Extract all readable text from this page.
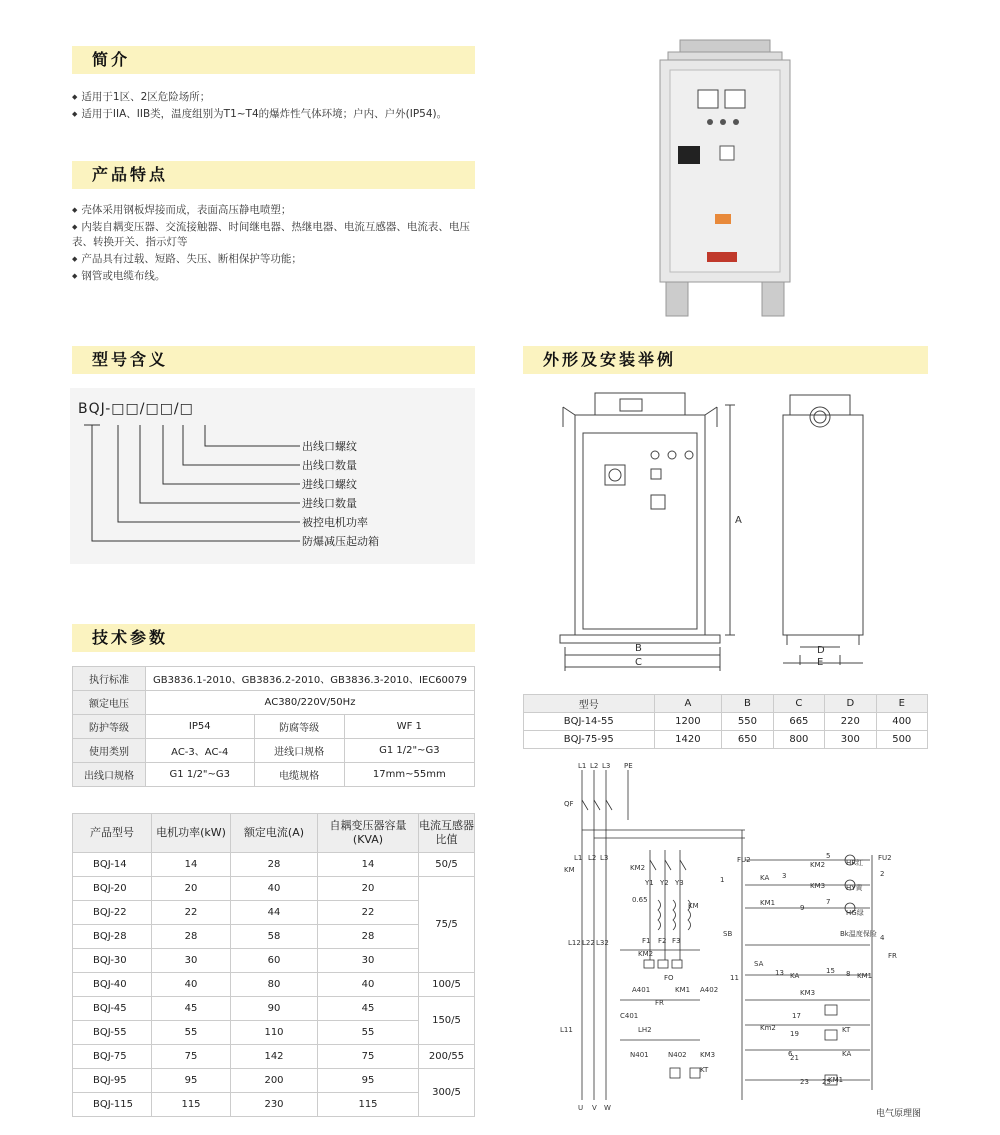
简介

◆ 适用于1区、2区危险场所；

◆ 适用于IIA、IIB类，温度组别为T1~T4的爆炸性气体环境；户内、户外(IP54)。

产品特点

◆ 壳体采用钢板焊接而成，表面高压静电喷塑；

◆ 内装自耦变压器、交流接触器、时间继电器、热继电器、电流互感器、电流表、电压表、转换开关、指示灯等

◆ 产品具有过载、短路、失压、断相保护等功能；

◆ 钢管或电缆布线。

型号含义
BQJ-□□/□□/□
出线口螺纹
出线口数量
进线口螺纹
进线口数量
被控电机功率
防爆减压起动箱
外形及安装举例
B
C
A
D
E
型号	A	B	C	D	E
BQJ-14-55	1200	550	665	220	400
BQJ-75-95	1420	650	800	300	500
技术参数
执行标准	GB3836.1-2010、GB3836.2-2010、GB3836.3-2010、IEC60079		
额定电压	AC380/220V/50Hz		
防护等级	IP54	防腐等级	WF 1
使用类别	AC-3、AC-4	进线口规格	G1 1/2"~G3
出线口规格	G1 1/2"~G3	电缆规格	17mm~55mm
产品型号	电机功率(kW)	额定电流(A)	自耦变压器容量(KVA)	电流互感器比值
BQJ-14	14	28	14	50/5
BQJ-20	20	40	20	75/5
BQJ-22	22	44	22	
BQJ-28	28	58	28	
BQJ-30	30	60	30	
BQJ-40	40	80	40	100/5
BQJ-45	45	90	45	150/5
BQJ-55	55	110	55	
BQJ-75	75	142	75	200/55
BQJ-95	95	200	95	300/5
BQJ-115	115	230	115	
L1 L2 L3 PE
QF
KM
L1 L2 L3
KM2
Y1 Y2 Y3
0.65
KM
L12 L22 L32	F1 F2 F3
KM2
FO
U V W
L11	LH2
A401	A402
C401
N401	N402
FR
KM1
KM3
KT
FU2	FU2
KM2	HR红
KA
KM3	HY黄
KM1
HG绿
SB	Bk温度保险
FR
SA
KA
KM3
KM1
Km2	KT
KA
KM1
1
2
3
4
5
6
7
8
9
11
13	15
17
19
21
23 25
电气原理图
